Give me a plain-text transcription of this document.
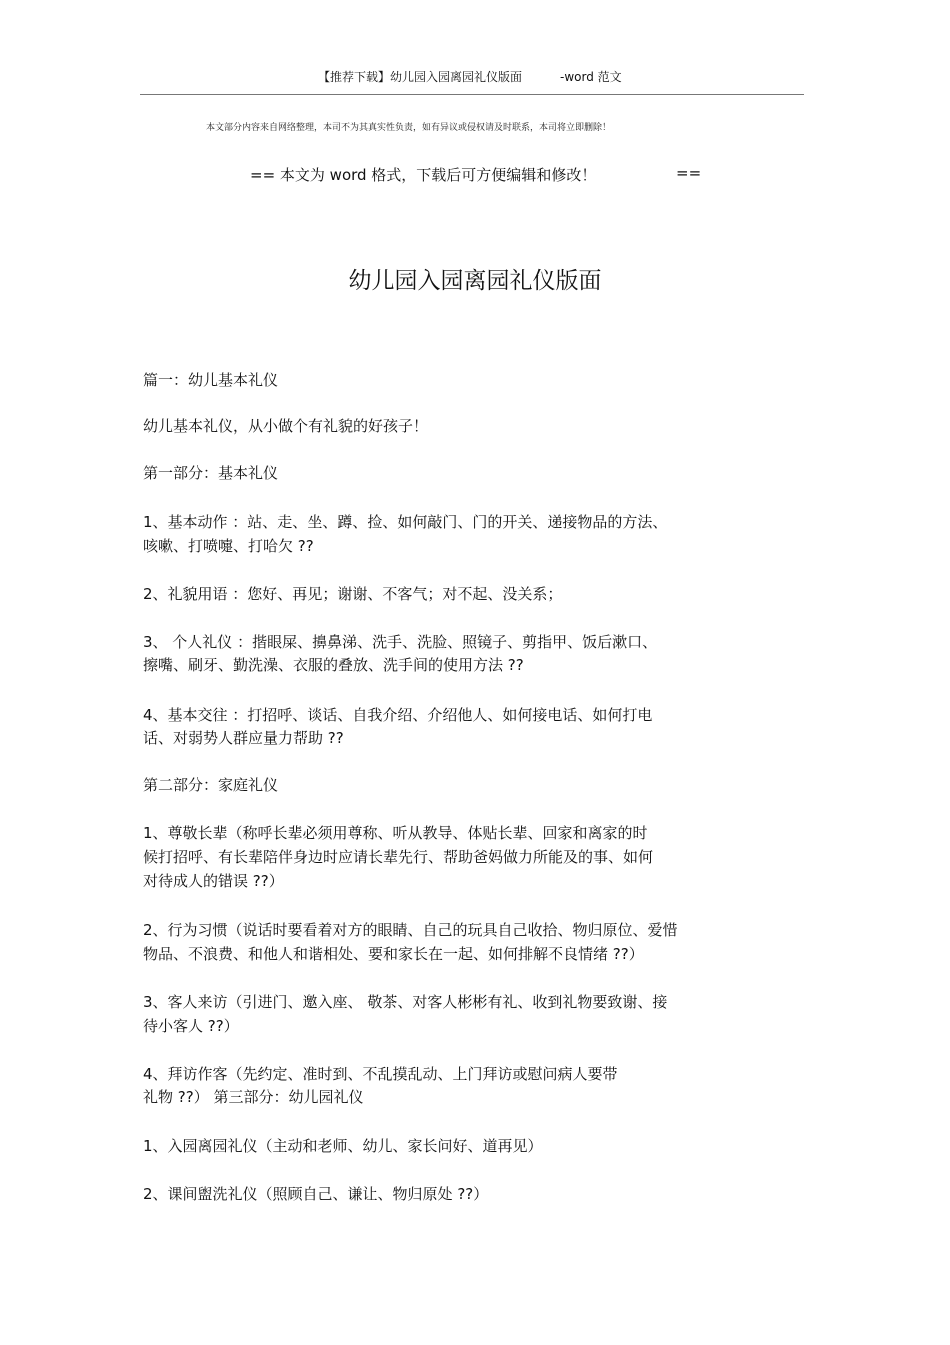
【推荐下载】幼儿园入园离园礼仪版面	-word 范文
本文部分内容来自网络整理，本司不为其真实性负责，如有异议或侵权请及时联系，本司将立即删除！
== 本文为 word 格式，下载后可方便编辑和修改！	==
幼儿园入园离园礼仪版面
篇一：幼儿基本礼仪
幼儿基本礼仪，从小做个有礼貌的好孩子！
第一部分：基本礼仪
1、基本动作 ：站、走、坐、蹲、捡、如何敲门、门的开关、递接物品的方法、
咳嗽、打喷嚏、打哈欠 ??
2、礼貌用语 ：您好、再见；谢谢、不客气；对不起、没关系；
3、 个人礼仪 ：揩眼屎、擤鼻涕、洗手、洗脸、照镜子、剪指甲、饭后漱口、
擦嘴、刷牙、勤洗澡、衣服的叠放、洗手间的使用方法 ??
4、基本交往 ：打招呼、谈话、自我介绍、介绍他人、如何接电话、如何打电
话、对弱势人群应量力帮助 ??
第二部分：家庭礼仪
1、尊敬长辈（称呼长辈必须用尊称、听从教导、体贴长辈、回家和离家的时
候打招呼、有长辈陪伴身边时应请长辈先行、帮助爸妈做力所能及的事、如何
对待成人的错误 ??）
2、行为习惯（说话时要看着对方的眼睛、自己的玩具自己收拾、物归原位、爱惜
物品、不浪费、和他人和谐相处、要和家长在一起、如何排解不良情绪 ??）
3、客人来访（引进门、邀入座、 敬茶、对客人彬彬有礼、收到礼物要致谢、接
待小客人 ??）
4、拜访作客（先约定、准时到、不乱摸乱动、上门拜访或慰问病人要带
礼物 ??） 第三部分：幼儿园礼仪
1、入园离园礼仪（主动和老师、幼儿、家长问好、道再见）
2、课间盥洗礼仪（照顾自己、谦让、物归原处 ??）
